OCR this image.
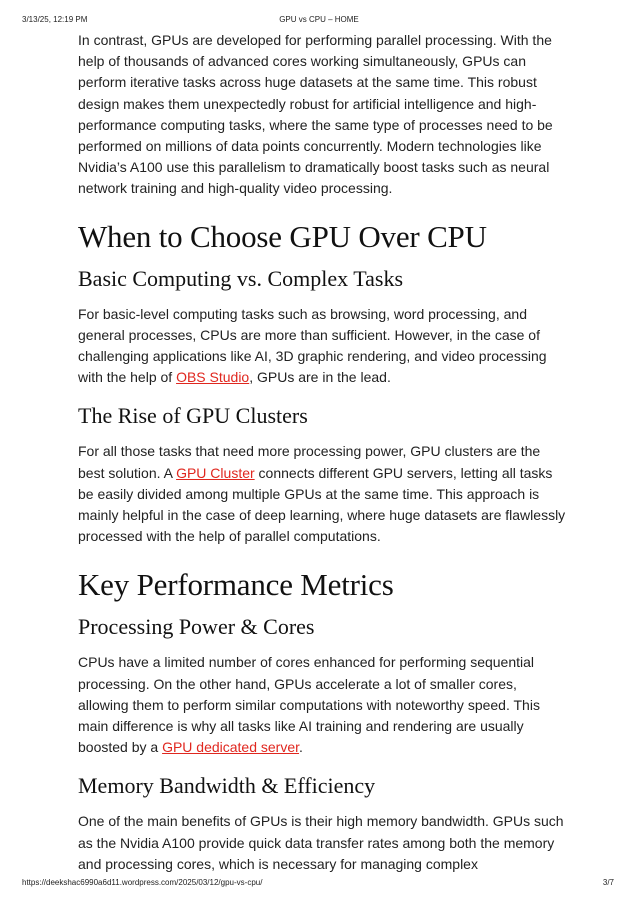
3/13/25, 12:19 PM	GPU vs CPU – HOME

In contrast, GPUs are developed for performing parallel processing. With the help of thousands of advanced cores working simultaneously, GPUs can perform iterative tasks across huge datasets at the same time. This robust design makes them unexpectedly robust for artificial intelligence and high-performance computing tasks, where the same type of processes need to be performed on millions of data points concurrently. Modern technologies like Nvidia’s A100 use this parallelism to dramatically boost tasks such as neural network training and high-quality video processing.

When to Choose GPU Over CPU
Basic Computing vs. Complex Tasks

For basic-level computing tasks such as browsing, word processing, and general processes, CPUs are more than sufficient. However, in the case of challenging applications like AI, 3D graphic rendering, and video processing with the help of OBS Studio, GPUs are in the lead.

The Rise of GPU Clusters

For all those tasks that need more processing power, GPU clusters are the best solution. A GPU Cluster connects different GPU servers, letting all tasks be easily divided among multiple GPUs at the same time. This approach is mainly helpful in the case of deep learning, where huge datasets are flawlessly processed with the help of parallel computations.

Key Performance Metrics
Processing Power & Cores

CPUs have a limited number of cores enhanced for performing sequential processing. On the other hand, GPUs accelerate a lot of smaller cores, allowing them to perform similar computations with noteworthy speed. This main difference is why all tasks like AI training and rendering are usually boosted by a GPU dedicated server.

Memory Bandwidth & Efficiency

One of the main benefits of GPUs is their high memory bandwidth. GPUs such as the Nvidia A100 provide quick data transfer rates among both the memory and processing cores, which is necessary for managing complex

https://deekshac6990a6d11.wordpress.com/2025/03/12/gpu-vs-cpu/	3/7
